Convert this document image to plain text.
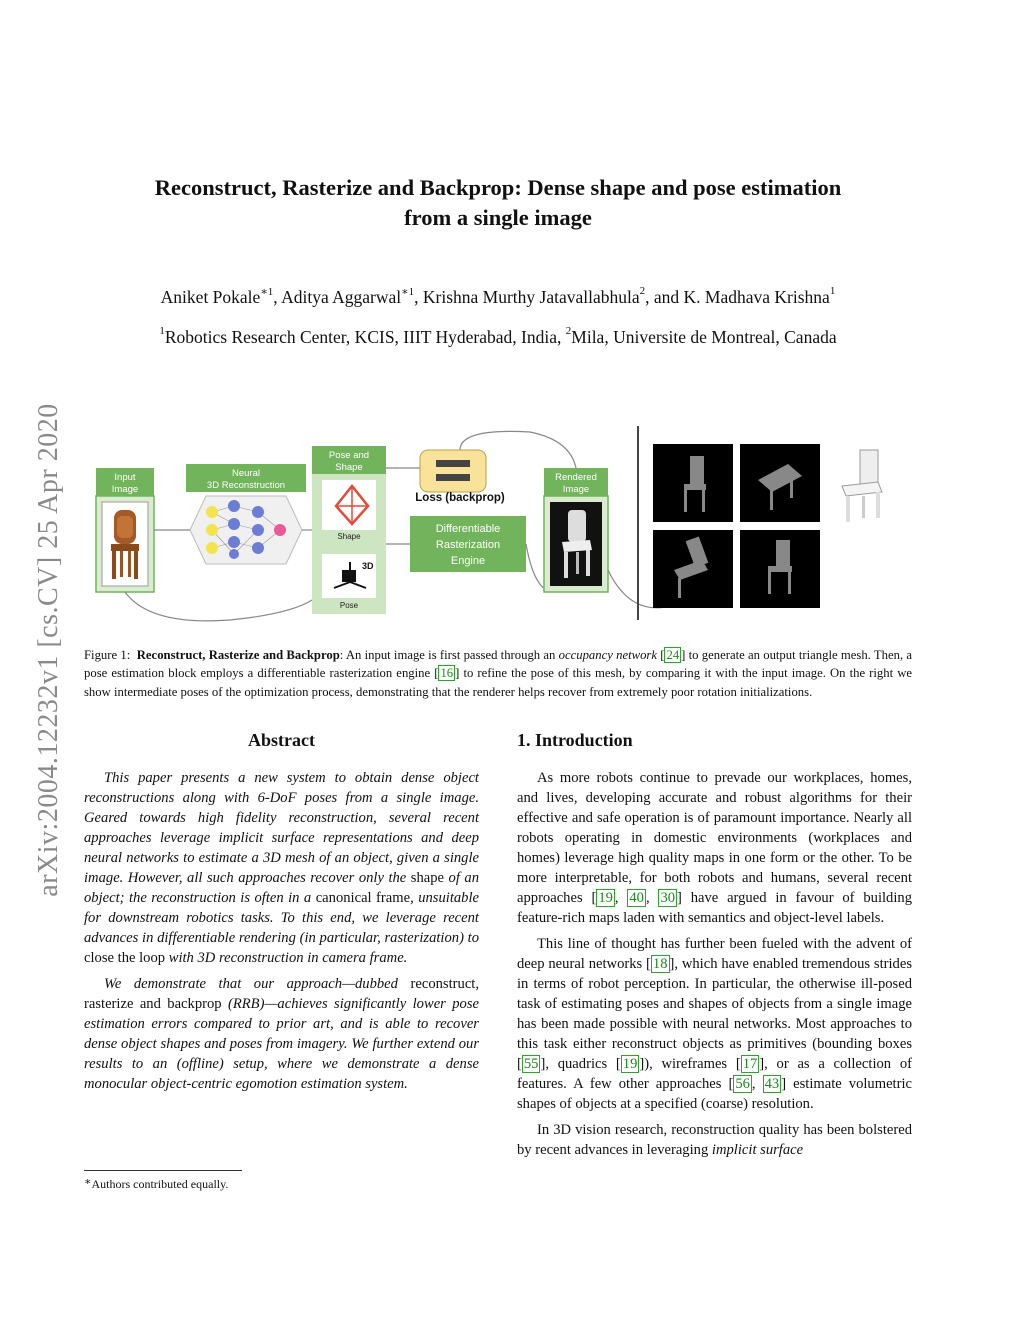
arXiv:2004.12232v1 [cs.CV] 25 Apr 2020
Reconstruct, Rasterize and Backprop: Dense shape and pose estimation
from a single image
Aniket Pokale$^{∗1}$, Aditya Aggarwal$^{∗1}$, Krishna Murthy Jatavallabhula$^2$, and K. Madhava Krishna$^1$
$^1$Robotics Research Center, KCIS, IIIT Hyderabad, India, $^2$Mila, Universite de Montreal, Canada
Input
Image
Neural
3D Reconstruction
Pose and
Shape
Shape
3D
Pose
Loss (backprop)
Differentiable
Rasterization
Engine
Rendered
Image
Figure 1: Reconstruct, Rasterize and Backprop: An input image is first passed through an occupancy network [ 24 ] to generate an output triangle mesh. Then, a pose estimation block employs a differentiable rasterization engine [ 16 ] to refine the pose of this mesh, by comparing it with the input image. On the right we show intermediate poses of the optimization process, demonstrating that the renderer helps recover from extremely poor rotation initializations.
Abstract

This paper presents a new system to obtain dense object reconstructions along with 6-DoF poses from a single image. Geared towards high fidelity reconstruction, several recent approaches leverage implicit surface representations and deep neural networks to estimate a 3D mesh of an object, given a single image. However, all such approaches recover only the shape of an object; the reconstruction is often in a canonical frame, unsuitable for downstream robotics tasks. To this end, we leverage recent advances in differentiable rendering (in particular, rasterization) to close the loop with 3D reconstruction in camera frame.

We demonstrate that our approach—dubbed reconstruct, rasterize and backprop (RRB)—achieves significantly lower pose estimation errors compared to prior art, and is able to recover dense object shapes and poses from imagery. We further extend our results to an (offline) setup, where we demonstrate a dense monocular object-centric egomotion estimation system.

1. Introduction

As more robots continue to prevade our workplaces, homes, and lives, developing accurate and robust algorithms for their effective and safe operation is of paramount importance. Nearly all robots operating in domestic environments (workplaces and homes) leverage high quality maps in one form or the other. To be more interpretable, for both robots and humans, several recent approaches [ 19 , 40 , 30 ] have argued in favour of building feature-rich maps laden with semantics and object-level labels.

This line of thought has further been fueled with the advent of deep neural networks [ 18 ], which have enabled tremendous strides in terms of robot perception. In particular, the otherwise ill-posed task of estimating poses and shapes of objects from a single image has been made possible with neural networks. Most approaches to this task either reconstruct objects as primitives (bounding boxes [ 55 ], quadrics [ 19 ]), wireframes [ 17 ], or as a collection of features. A few other approaches [ 56 , 43 ] estimate volumetric shapes of objects at a specified (coarse) resolution.

In 3D vision research, reconstruction quality has been bolstered by recent advances in leveraging implicit surface

∗Authors contributed equally.
